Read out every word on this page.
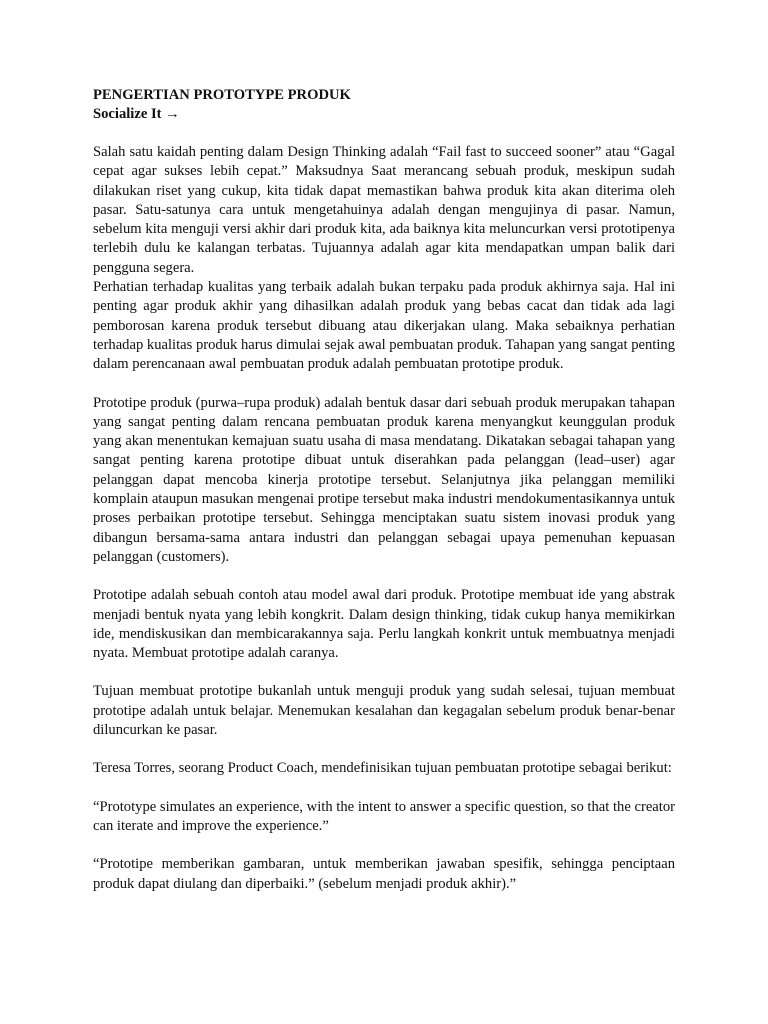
PENGERTIAN PROTOTYPE PRODUK

Socialize It →

Salah satu kaidah penting dalam Design Thinking adalah “Fail fast to succeed sooner” atau “Gagal cepat agar sukses lebih cepat.” Maksudnya Saat merancang sebuah produk, meskipun sudah dilakukan riset yang cukup, kita tidak dapat memastikan bahwa produk kita akan diterima oleh pasar. Satu-satunya cara untuk mengetahuinya adalah dengan mengujinya di pasar. Namun, sebelum kita menguji versi akhir dari produk kita, ada baiknya kita meluncurkan versi prototipenya terlebih dulu ke kalangan terbatas. Tujuannya adalah agar kita mendapatkan umpan balik dari pengguna segera.

Perhatian terhadap kualitas yang terbaik adalah bukan terpaku pada produk akhirnya saja. Hal ini penting agar produk akhir yang dihasilkan adalah produk yang bebas cacat dan tidak ada lagi pemborosan karena produk tersebut dibuang atau dikerjakan ulang. Maka sebaiknya perhatian terhadap kualitas produk harus dimulai sejak awal pembuatan produk. Tahapan yang sangat penting dalam perencanaan awal pembuatan produk adalah pembuatan prototipe produk.

Prototipe produk (purwa–rupa produk) adalah bentuk dasar dari sebuah produk merupakan tahapan yang sangat penting dalam rencana pembuatan produk karena menyangkut keunggulan produk yang akan menentukan kemajuan suatu usaha di masa mendatang. Dikatakan sebagai tahapan yang sangat penting karena prototipe dibuat untuk diserahkan pada pelanggan (lead–user) agar pelanggan dapat mencoba kinerja prototipe tersebut. Selanjutnya jika pelanggan memiliki komplain ataupun masukan mengenai protipe tersebut maka industri mendokumentasikannya untuk proses perbaikan prototipe tersebut. Sehingga menciptakan suatu sistem inovasi produk yang dibangun bersama-sama antara industri dan pelanggan sebagai upaya pemenuhan kepuasan pelanggan (customers).

Prototipe adalah sebuah contoh atau model awal dari produk. Prototipe membuat ide yang abstrak menjadi bentuk nyata yang lebih kongkrit. Dalam design thinking, tidak cukup hanya memikirkan ide, mendiskusikan dan membicarakannya saja. Perlu langkah konkrit untuk membuatnya menjadi nyata. Membuat prototipe adalah caranya.

Tujuan membuat prototipe bukanlah untuk menguji produk yang sudah selesai, tujuan membuat prototipe adalah untuk belajar. Menemukan kesalahan dan kegagalan sebelum produk benar-benar diluncurkan ke pasar.

Teresa Torres, seorang Product Coach, mendefinisikan tujuan pembuatan prototipe sebagai berikut:

“Prototype simulates an experience, with the intent to answer a specific question, so that the creator can iterate and improve the experience.”

“Prototipe memberikan gambaran, untuk memberikan jawaban spesifik, sehingga penciptaan produk dapat diulang dan diperbaiki.” (sebelum menjadi produk akhir).”
